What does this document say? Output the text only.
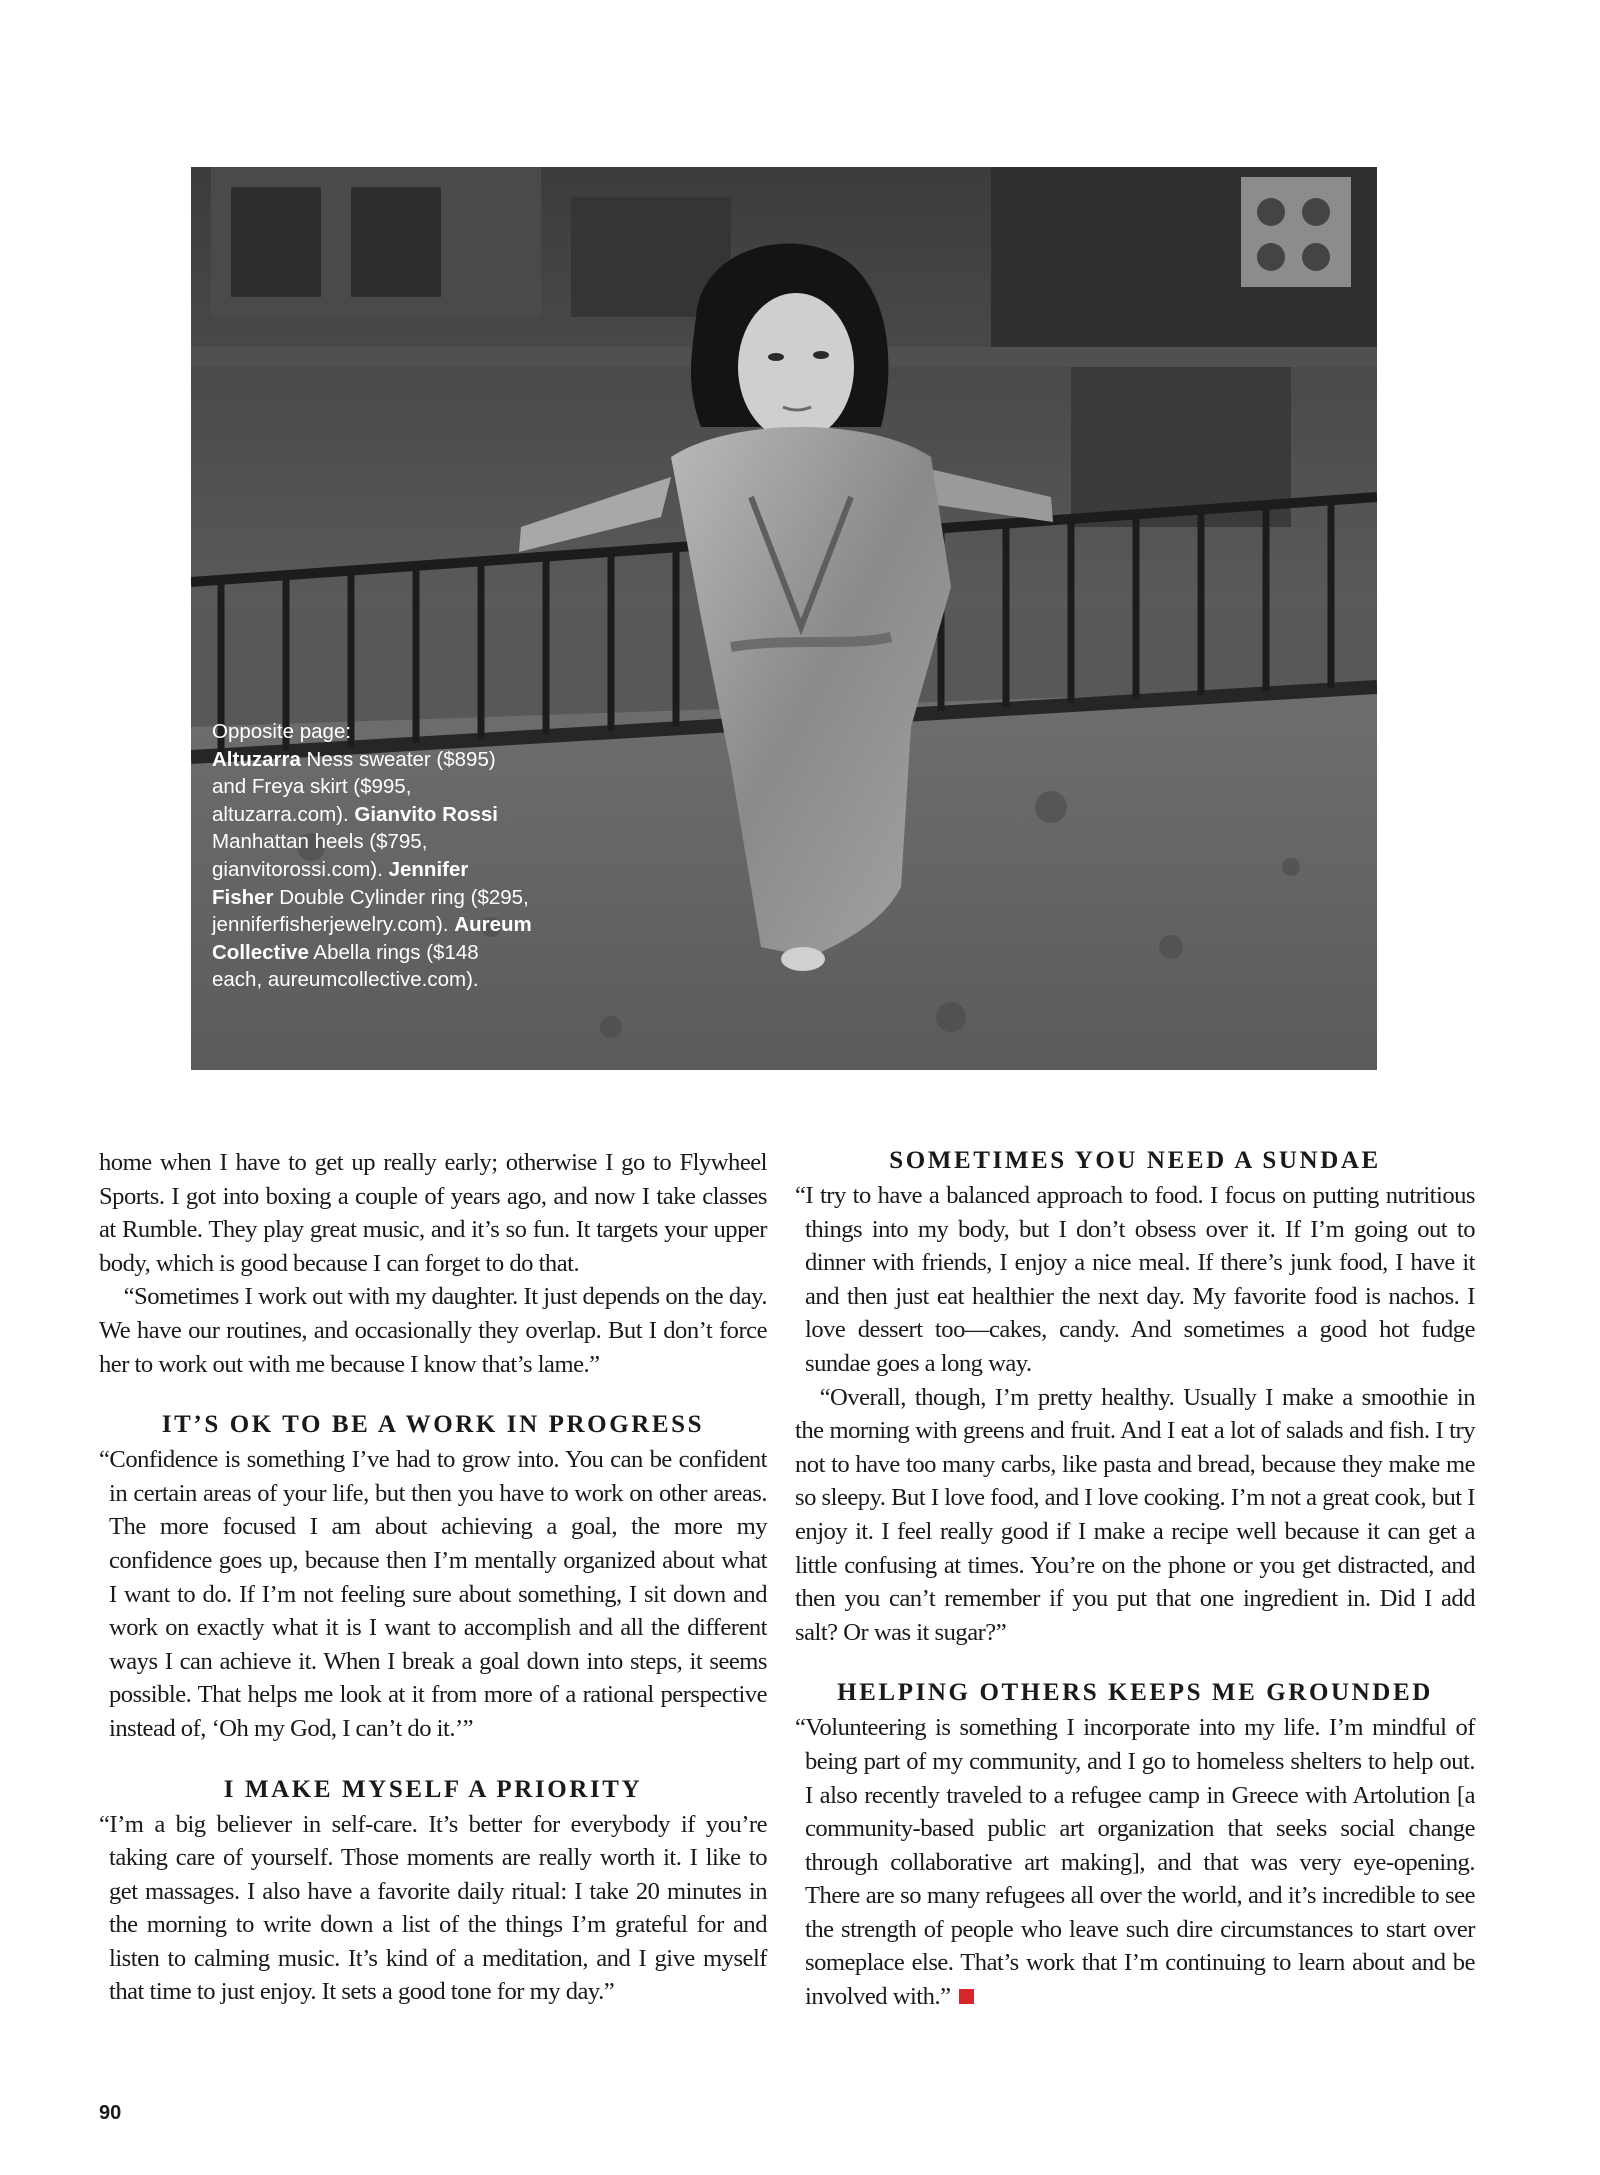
Opposite page:

Altuzarra Ness sweater ($895) and Freya skirt ($995, altuzarra.com). Gianvito Rossi Manhattan heels ($795, gianvitorossi.com). Jennifer Fisher Double Cylinder ring ($295, jenniferfisherjewelry.com). Aureum Collective Abella rings ($148 each, aureumcollective.com).

home when I have to get up really early; otherwise I go to Flywheel Sports. I got into boxing a couple of years ago, and now I take classes at Rumble. They play great music, and it’s so fun. It targets your upper body, which is good because I can forget to do that.

“Sometimes I work out with my daughter. It just depends on the day. We have our routines, and occasionally they overlap. But I don’t force her to work out with me because I know that’s lame.”

IT’S OK TO BE A WORK IN PROGRESS

“Confidence is something I’ve had to grow into. You can be confident in certain areas of your life, but then you have to work on other areas. The more focused I am about achieving a goal, the more my confidence goes up, because then I’m mentally organized about what I want to do. If I’m not feeling sure about something, I sit down and work on exactly what it is I want to accomplish and all the different ways I can achieve it. When I break a goal down into steps, it seems possible. That helps me look at it from more of a rational perspective instead of, ‘Oh my God, I can’t do it.’”

I MAKE MYSELF A PRIORITY

“I’m a big believer in self-care. It’s better for everybody if you’re taking care of yourself. Those moments are really worth it. I like to get massages. I also have a favorite daily ritual: I take 20 minutes in the morning to write down a list of the things I’m grateful for and listen to calming music. It’s kind of a meditation, and I give myself that time to just enjoy. It sets a good tone for my day.”

SOMETIMES YOU NEED A SUNDAE

“I try to have a balanced approach to food. I focus on putting nutritious things into my body, but I don’t obsess over it. If I’m going out to dinner with friends, I enjoy a nice meal. If there’s junk food, I have it and then just eat healthier the next day. My favorite food is nachos. I love dessert too—cakes, candy. And sometimes a good hot fudge sundae goes a long way.

“Overall, though, I’m pretty healthy. Usually I make a smoothie in the morning with greens and fruit. And I eat a lot of salads and fish. I try not to have too many carbs, like pasta and bread, because they make me so sleepy. But I love food, and I love cooking. I’m not a great cook, but I enjoy it. I feel really good if I make a recipe well because it can get a little confusing at times. You’re on the phone or you get distracted, and then you can’t remember if you put that one ingredient in. Did I add salt? Or was it sugar?”

HELPING OTHERS KEEPS ME GROUNDED

“Volunteering is something I incorporate into my life. I’m mindful of being part of my community, and I go to homeless shelters to help out. I also recently traveled to a refugee camp in Greece with Artolution [a community-based public art organization that seeks social change through collaborative art making], and that was very eye-opening. There are so many refugees all over the world, and it’s incredible to see the strength of people who leave such dire circumstances to start over someplace else. That’s work that I’m continuing to learn about and be involved with.”

90
